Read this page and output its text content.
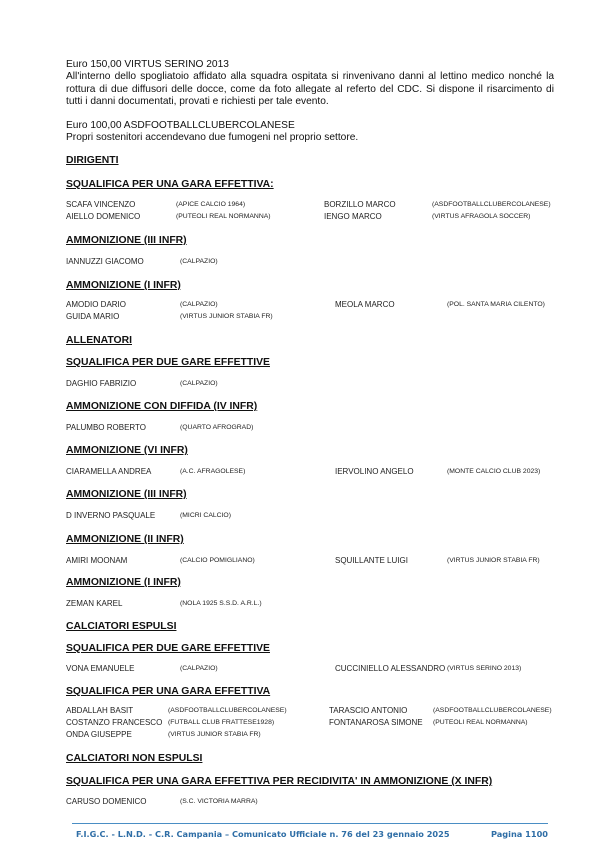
Euro 150,00 VIRTUS SERINO 2013
All'interno dello spogliatoio affidato alla squadra ospitata si rinvenivano danni al lettino medico nonché la rottura di due diffusori delle docce, come da foto allegate al referto del CDC. Si dispone il risarcimento di tutti i danni documentati, provati e richiesti per tale evento.
Euro 100,00 ASDFOOTBALLCLUBERCOLANESE
Propri sostenitori accendevano due fumogeni nel proprio settore.
DIRIGENTI
SQUALIFICA PER UNA GARA EFFETTIVA:
SCAFA VINCENZO	(APICE CALCIO 1964)	BORZILLO MARCO	(ASDFOOTBALLCLUBERCOLANESE)
AIELLO DOMENICO	(PUTEOLI REAL NORMANNA)	IENGO MARCO	(VIRTUS AFRAGOLA SOCCER)
AMMONIZIONE (III INFR)
IANNUZZI GIACOMO	(CALPAZIO)
AMMONIZIONE (I INFR)
AMODIO DARIO	(CALPAZIO)	MEOLA MARCO	(POL. SANTA MARIA CILENTO)
GUIDA MARIO	(VIRTUS JUNIOR STABIA FR)
ALLENATORI
SQUALIFICA PER DUE GARE EFFETTIVE
DAGHIO FABRIZIO	(CALPAZIO)
AMMONIZIONE CON DIFFIDA (IV INFR)
PALUMBO ROBERTO	(QUARTO AFROGRAD)
AMMONIZIONE (VI INFR)
CIARAMELLA ANDREA	(A.C. AFRAGOLESE)	IERVOLINO ANGELO	(MONTE CALCIO CLUB 2023)
AMMONIZIONE (III INFR)
D INVERNO PASQUALE	(MICRI CALCIO)
AMMONIZIONE (II INFR)
AMIRI MOONAM	(CALCIO POMIGLIANO)	SQUILLANTE LUIGI	(VIRTUS JUNIOR STABIA FR)
AMMONIZIONE (I INFR)
ZEMAN KAREL	(NOLA 1925 S.S.D. A.R.L.)
CALCIATORI ESPULSI
SQUALIFICA PER DUE GARE EFFETTIVE
VONA EMANUELE	(CALPAZIO)	CUCCINIELLO ALESSANDRO (VIRTUS SERINO 2013)
SQUALIFICA PER UNA GARA EFFETTIVA
ABDALLAH BASIT	(ASDFOOTBALLCLUBERCOLANESE)	TARASCIO ANTONIO	(ASDFOOTBALLCLUBERCOLANESE)
COSTANZO FRANCESCO (FUTBALL CLUB FRATTESE1928)	FONTANAROSA SIMONE (PUTEOLI REAL NORMANNA)
ONDA GIUSEPPE	(VIRTUS JUNIOR STABIA FR)
CALCIATORI NON ESPULSI
SQUALIFICA PER UNA GARA EFFETTIVA PER RECIDIVITA' IN AMMONIZIONE (X INFR)
CARUSO DOMENICO	(S.C. VICTORIA MARRA)
F.I.G.C. - L.N.D. - C.R. Campania – Comunicato Ufficiale n. 76 del 23 gennaio 2025	Pagina 1100
